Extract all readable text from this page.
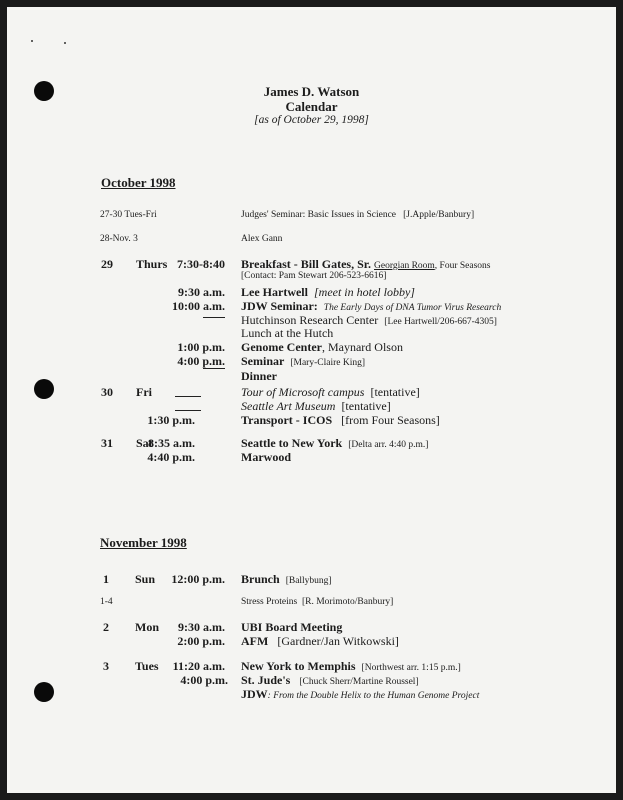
James D. Watson
Calendar
[as of October 29, 1998]
October 1998
27-30 Tues-Fri	Judges' Seminar: Basic Issues in Science [J.Apple/Banbury]
28-Nov. 3	Alex Gann
29 Thurs 7:30-8:40 Breakfast - Bill Gates, Sr. Georgian Room, Four Seasons
[Contact: Pam Stewart 206-523-6616]
9:30 a.m. Lee Hartwell [meet in hotel lobby]
10:00 a.m. JDW Seminar: The Early Days of DNA Tumor Virus Research
Hutchinson Research Center [Lee Hartwell/206-667-4305]
Lunch at the Hutch
1:00 p.m. Genome Center, Maynard Olson
4:00 p.m. Seminar [Mary-Claire King]
Dinner
30 Fri	Tour of Microsoft campus [tentative]
Seattle Art Museum [tentative]
1:30 p.m.	Transport - ICOS [from Four Seasons]
31 Sat
8:35 a.m.	Seattle to New York [Delta arr. 4:40 p.m.]
4:40 p.m.	Marwood
November 1998
1 Sun	12:00 p.m. Brunch [Ballybung]
1-4	Stress Proteins [R. Morimoto/Banbury]
2 Mon	9:30 a.m. UBI Board Meeting
2:00 p.m. AFM [Gardner/Jan Witkowski]
3 Tues	11:20 a.m. New York to Memphis [Northwest arr. 1:15 p.m.]
4:00 p.m. St. Jude's [Chuck Sherr/Martine Roussel]
JDW: From the Double Helix to the Human Genome Project
